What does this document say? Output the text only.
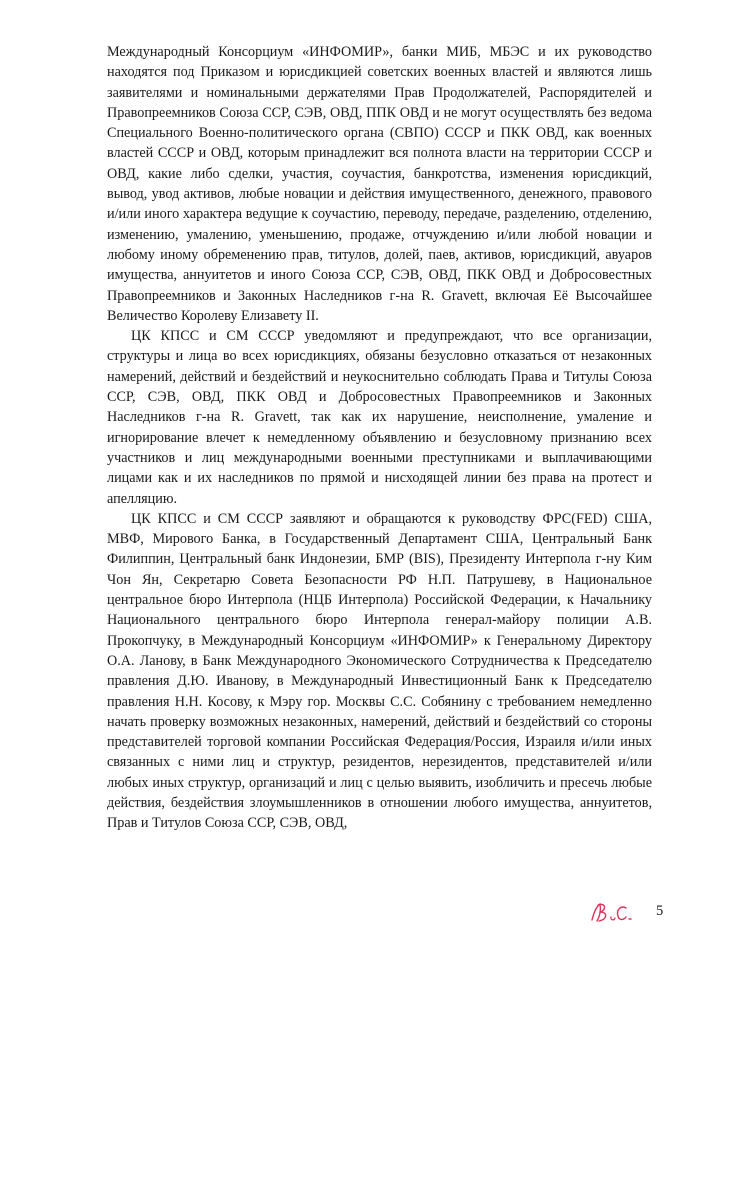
Международный Консорциум «ИНФОМИР», банки МИБ, МБЭС и их руководство находятся под Приказом и юрисдикцией советских военных властей и являются лишь заявителями и номинальными держателями Прав Продолжателей, Распорядителей и Правопреемников Союза ССР, СЭВ, ОВД, ППК ОВД и не могут осуществлять без ведома Специального Военно-политического органа (СВПО) СССР и ПКК ОВД, как военных властей СССР и ОВД, которым принадлежит вся полнота власти на территории СССР и ОВД, какие либо сделки, участия, соучастия, банкротства, изменения юрисдикций, вывод, увод активов, любые новации и действия имущественного, денежного, правового и/или иного характера ведущие к соучастию, переводу, передаче, разделению, отделению, изменению, умалению, уменьшению, продаже, отчуждению и/или любой новации и любому иному обременению прав, титулов, долей, паев, активов, юрисдикций, авуаров имущества, аннуитетов и иного Союза ССР, СЭВ, ОВД, ПКК ОВД и Добросовестных Правопреемников и Законных Наследников г-на R. Gravett, включая Её Высочайшее Величество Королеву Елизавету II.

ЦК КПСС и СМ СССР уведомляют и предупреждают, что все организации, структуры и лица во всех юрисдикциях, обязаны безусловно отказаться от незаконных намерений, действий и бездействий и неукоснительно соблюдать Права и Титулы Союза ССР, СЭВ, ОВД, ПКК ОВД и Добросовестных Правопреемников и Законных Наследников г-на R. Gravett, так как их нарушение, неисполнение, умаление и игнорирование влечет к немедленному объявлению и безусловному признанию всех участников и лиц международными военными преступниками и выплачивающими лицами как и их наследников по прямой и нисходящей линии без права на протест и апелляцию.

ЦК КПСС и СМ СССР заявляют и обращаются к руководству ФРС(FED) США, МВФ, Мирового Банка, в Государственный Департамент США, Центральный Банк Филиппин, Центральный банк Индонезии, БМР (BIS), Президенту Интерпола г-ну Ким Чон Ян, Секретарю Совета Безопасности РФ Н.П. Патрушеву, в Национальное центральное бюро Интерпола (НЦБ Интерпола) Российской Федерации, к Начальнику Национального центрального бюро Интерпола генерал-майору полиции А.В. Прокопчуку, в Международный Консорциум «ИНФОМИР» к Генеральному Директору О.А. Ланову, в Банк Международного Экономического Сотрудничества к Председателю правления Д.Ю. Иванову, в Международный Инвестиционный Банк к Председателю правления Н.Н. Косову, к Мэру гор. Москвы С.С. Собянину с требованием немедленно начать проверку возможных незаконных, намерений, действий и бездействий со стороны представителей торговой компании Российская Федерация/Россия, Израиля и/или иных связанных с ними лиц и структур, резидентов, нерезидентов, представителей и/или любых иных структур, организаций и лиц с целью выявить, изобличить и пресечь любые действия, бездействия злоумышленников в отношении любого имущества, аннуитетов, Прав и Титулов Союза ССР, СЭВ, ОВД,

5
